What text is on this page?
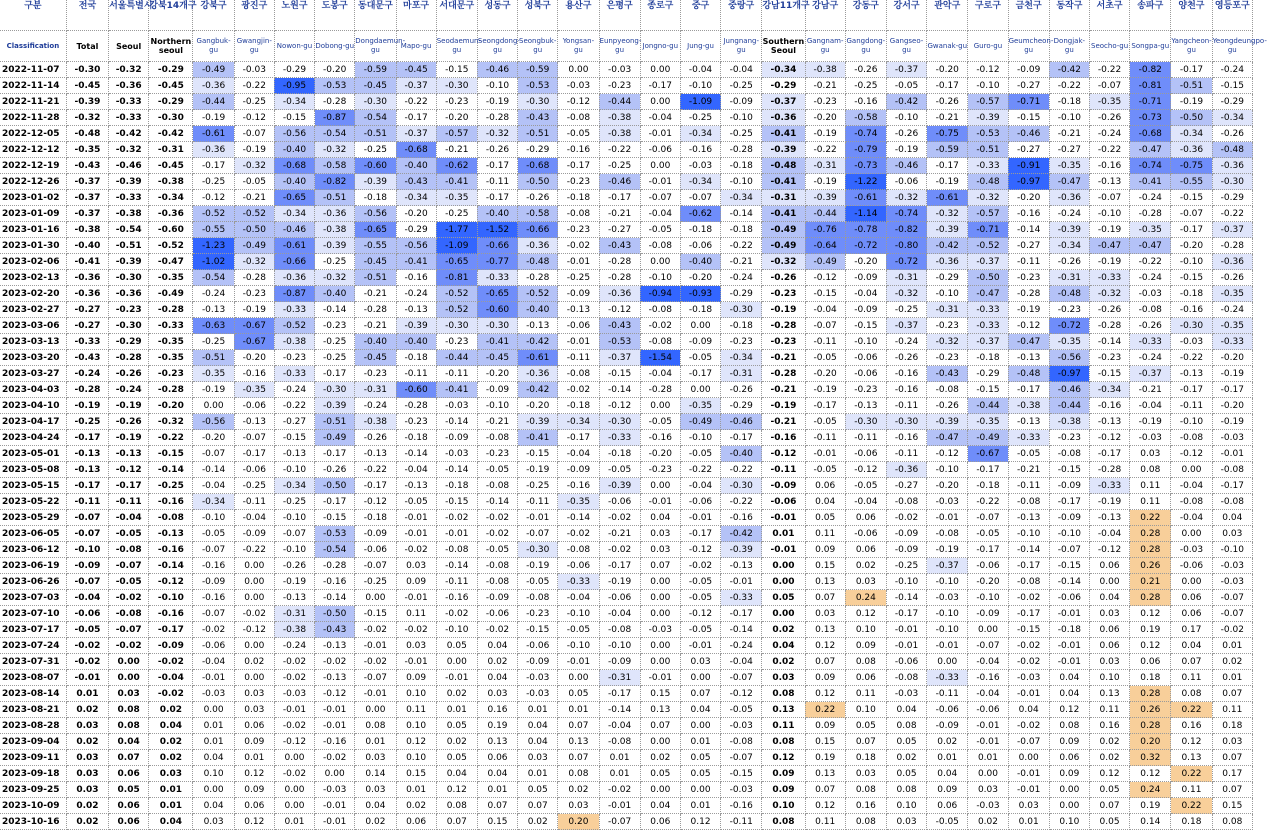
구분	전국	서울특별시	강북14개구	강북구	광진구	노원구	도봉구	동대문구	마포구	서대문구	성동구	성북구	용산구	은평구	종로구	중구	중랑구	강남11개구	강남구	강동구	강서구	관악구	구로구	금천구	동작구	서초구	송파구	양천구	영등포구
Classification	Total	Seoul	Northern seoul	Gangbuk-gu	Gwangjin-gu	Nowon-gu	Dobong-gu	Dongdaemun-gu	Mapo-gu	Seodaemun-gu	Seongdong-gu	Seongbuk-gu	Yongsan-gu	Eunpyeong-gu	Jongno-gu	Jung-gu	Jungnang-gu	Southern Seoul	Gangnam-gu	Gangdong-gu	Gangseo-gu	Gwanak-gu	Guro-gu	Geumcheon-gu	Dongjak-gu	Seocho-gu	Songpa-gu	Yangcheon-gu	Yeongdeungpo-gu
2022-11-07	-0.30	-0.32	-0.29	-0.49	-0.03	-0.29	-0.20	-0.59	-0.45	-0.15	-0.46	-0.59	0.00	-0.03	0.00	-0.04	-0.04	-0.34	-0.38	-0.26	-0.37	-0.20	-0.12	-0.09	-0.42	-0.22	-0.82	-0.17	-0.24
2022-11-14	-0.45	-0.36	-0.45	-0.36	-0.22	-0.95	-0.53	-0.45	-0.37	-0.30	-0.10	-0.53	-0.03	-0.23	-0.17	-0.10	-0.25	-0.29	-0.21	-0.25	-0.05	-0.17	-0.10	-0.27	-0.22	-0.07	-0.81	-0.51	-0.15
2022-11-21	-0.39	-0.33	-0.29	-0.44	-0.25	-0.34	-0.28	-0.30	-0.22	-0.23	-0.19	-0.30	-0.12	-0.44	0.00	-1.09	-0.09	-0.37	-0.23	-0.16	-0.42	-0.26	-0.57	-0.71	-0.18	-0.35	-0.71	-0.19	-0.29
2022-11-28	-0.32	-0.33	-0.30	-0.19	-0.12	-0.15	-0.87	-0.54	-0.17	-0.20	-0.28	-0.43	-0.08	-0.38	-0.04	-0.25	-0.10	-0.36	-0.20	-0.58	-0.10	-0.21	-0.39	-0.15	-0.10	-0.26	-0.73	-0.50	-0.34
2022-12-05	-0.48	-0.42	-0.42	-0.61	-0.07	-0.56	-0.54	-0.51	-0.37	-0.57	-0.32	-0.51	-0.05	-0.38	-0.01	-0.34	-0.25	-0.41	-0.19	-0.74	-0.26	-0.75	-0.53	-0.46	-0.21	-0.24	-0.68	-0.34	-0.26
2022-12-12	-0.35	-0.32	-0.31	-0.36	-0.19	-0.40	-0.32	-0.25	-0.68	-0.21	-0.26	-0.29	-0.16	-0.22	-0.06	-0.16	-0.28	-0.39	-0.22	-0.79	-0.19	-0.59	-0.51	-0.27	-0.27	-0.22	-0.47	-0.36	-0.48
2022-12-19	-0.43	-0.46	-0.45	-0.17	-0.32	-0.68	-0.58	-0.60	-0.40	-0.62	-0.17	-0.68	-0.17	-0.25	0.00	-0.03	-0.18	-0.48	-0.31	-0.73	-0.46	-0.17	-0.33	-0.91	-0.35	-0.16	-0.74	-0.75	-0.36
2022-12-26	-0.37	-0.39	-0.38	-0.25	-0.05	-0.40	-0.82	-0.39	-0.43	-0.41	-0.11	-0.50	-0.23	-0.46	-0.01	-0.34	-0.10	-0.41	-0.19	-1.22	-0.06	-0.19	-0.48	-0.97	-0.47	-0.13	-0.41	-0.55	-0.30
2023-01-02	-0.37	-0.33	-0.34	-0.12	-0.21	-0.65	-0.51	-0.18	-0.34	-0.35	-0.17	-0.26	-0.18	-0.17	-0.07	-0.07	-0.34	-0.31	-0.39	-0.61	-0.32	-0.61	-0.32	-0.20	-0.36	-0.07	-0.24	-0.15	-0.29
2023-01-09	-0.37	-0.38	-0.36	-0.52	-0.52	-0.34	-0.36	-0.56	-0.20	-0.25	-0.40	-0.58	-0.08	-0.21	-0.04	-0.62	-0.14	-0.41	-0.44	-1.14	-0.74	-0.32	-0.57	-0.16	-0.24	-0.10	-0.28	-0.07	-0.22
2023-01-16	-0.38	-0.54	-0.60	-0.55	-0.50	-0.46	-0.38	-0.65	-0.29	-1.77	-1.52	-0.66	-0.23	-0.27	-0.05	-0.18	-0.18	-0.49	-0.76	-0.78	-0.82	-0.39	-0.71	-0.14	-0.39	-0.19	-0.35	-0.17	-0.37
2023-01-30	-0.40	-0.51	-0.52	-1.23	-0.49	-0.61	-0.39	-0.55	-0.56	-1.09	-0.66	-0.36	-0.02	-0.43	-0.08	-0.06	-0.22	-0.49	-0.64	-0.72	-0.80	-0.42	-0.52	-0.27	-0.34	-0.47	-0.47	-0.20	-0.28
2023-02-06	-0.41	-0.39	-0.47	-1.02	-0.32	-0.66	-0.25	-0.45	-0.41	-0.65	-0.77	-0.48	-0.01	-0.28	0.00	-0.40	-0.21	-0.32	-0.49	-0.20	-0.72	-0.36	-0.37	-0.11	-0.26	-0.19	-0.22	-0.10	-0.36
2023-02-13	-0.36	-0.30	-0.35	-0.54	-0.28	-0.36	-0.32	-0.51	-0.16	-0.81	-0.33	-0.28	-0.25	-0.28	-0.10	-0.20	-0.24	-0.26	-0.12	-0.09	-0.31	-0.29	-0.50	-0.23	-0.31	-0.33	-0.24	-0.15	-0.26
2023-02-20	-0.36	-0.36	-0.49	-0.24	-0.23	-0.87	-0.40	-0.21	-0.24	-0.52	-0.65	-0.52	-0.09	-0.36	-0.94	-0.93	-0.29	-0.23	-0.15	-0.04	-0.32	-0.10	-0.47	-0.28	-0.48	-0.32	-0.03	-0.18	-0.35
2023-02-27	-0.27	-0.23	-0.28	-0.13	-0.19	-0.33	-0.14	-0.28	-0.13	-0.52	-0.60	-0.40	-0.13	-0.12	-0.08	-0.18	-0.30	-0.19	-0.04	-0.09	-0.25	-0.31	-0.33	-0.19	-0.23	-0.26	-0.08	-0.16	-0.24
2023-03-06	-0.27	-0.30	-0.33	-0.63	-0.67	-0.52	-0.23	-0.21	-0.39	-0.30	-0.30	-0.13	-0.06	-0.43	-0.02	0.00	-0.18	-0.28	-0.07	-0.15	-0.37	-0.23	-0.33	-0.12	-0.72	-0.28	-0.26	-0.30	-0.35
2023-03-13	-0.33	-0.29	-0.35	-0.25	-0.67	-0.38	-0.25	-0.40	-0.40	-0.23	-0.41	-0.42	-0.01	-0.53	-0.08	-0.09	-0.23	-0.23	-0.11	-0.10	-0.24	-0.32	-0.37	-0.47	-0.35	-0.14	-0.33	-0.03	-0.33
2023-03-20	-0.43	-0.28	-0.35	-0.51	-0.20	-0.23	-0.25	-0.45	-0.18	-0.44	-0.45	-0.61	-0.11	-0.37	-1.54	-0.05	-0.34	-0.21	-0.05	-0.06	-0.26	-0.23	-0.18	-0.13	-0.56	-0.23	-0.24	-0.22	-0.20
2023-03-27	-0.24	-0.26	-0.23	-0.35	-0.16	-0.33	-0.17	-0.23	-0.11	-0.11	-0.20	-0.36	-0.08	-0.15	-0.04	-0.17	-0.31	-0.28	-0.20	-0.06	-0.16	-0.43	-0.29	-0.48	-0.97	-0.15	-0.37	-0.13	-0.19
2023-04-03	-0.28	-0.24	-0.28	-0.19	-0.35	-0.24	-0.30	-0.31	-0.60	-0.41	-0.09	-0.42	-0.02	-0.14	-0.28	0.00	-0.26	-0.21	-0.19	-0.23	-0.16	-0.08	-0.15	-0.17	-0.46	-0.34	-0.21	-0.17	-0.17
2023-04-10	-0.19	-0.19	-0.20	0.00	-0.06	-0.22	-0.39	-0.24	-0.28	-0.03	-0.10	-0.20	-0.18	-0.12	0.00	-0.35	-0.29	-0.19	-0.17	-0.13	-0.11	-0.26	-0.44	-0.38	-0.44	-0.16	-0.04	-0.11	-0.20
2023-04-17	-0.25	-0.26	-0.32	-0.56	-0.13	-0.27	-0.51	-0.38	-0.23	-0.14	-0.21	-0.39	-0.34	-0.30	-0.05	-0.49	-0.46	-0.21	-0.05	-0.30	-0.30	-0.39	-0.35	-0.13	-0.38	-0.13	-0.19	-0.10	-0.19
2023-04-24	-0.17	-0.19	-0.22	-0.20	-0.07	-0.15	-0.49	-0.26	-0.18	-0.09	-0.08	-0.41	-0.17	-0.33	-0.16	-0.10	-0.17	-0.16	-0.11	-0.11	-0.16	-0.47	-0.49	-0.33	-0.23	-0.12	-0.03	-0.08	-0.03
2023-05-01	-0.13	-0.13	-0.15	-0.07	-0.17	-0.13	-0.17	-0.13	-0.14	-0.03	-0.23	-0.15	-0.04	-0.18	-0.20	-0.05	-0.40	-0.12	-0.01	-0.06	-0.11	-0.12	-0.67	-0.05	-0.08	-0.17	0.03	-0.12	-0.01
2023-05-08	-0.13	-0.12	-0.14	-0.14	-0.06	-0.10	-0.26	-0.22	-0.04	-0.14	-0.05	-0.19	-0.09	-0.05	-0.23	-0.22	-0.22	-0.11	-0.05	-0.12	-0.36	-0.10	-0.17	-0.21	-0.15	-0.28	0.08	0.00	-0.08
2023-05-15	-0.17	-0.17	-0.25	-0.04	-0.25	-0.34	-0.50	-0.17	-0.13	-0.18	-0.08	-0.25	-0.16	-0.39	0.00	-0.04	-0.30	-0.09	0.06	-0.05	-0.27	-0.20	-0.18	-0.11	-0.09	-0.33	0.11	-0.04	-0.17
2023-05-22	-0.11	-0.11	-0.16	-0.34	-0.11	-0.25	-0.17	-0.12	-0.05	-0.15	-0.14	-0.11	-0.35	-0.06	-0.01	-0.06	-0.22	-0.06	0.04	-0.04	-0.08	-0.03	-0.22	-0.08	-0.17	-0.19	0.11	-0.08	-0.08
2023-05-29	-0.07	-0.04	-0.08	-0.10	-0.04	-0.10	-0.15	-0.18	-0.01	-0.02	-0.02	-0.01	-0.14	-0.02	0.04	-0.01	-0.16	-0.01	0.05	0.06	-0.02	-0.01	-0.07	-0.13	-0.09	-0.13	0.22	-0.04	0.04
2023-06-05	-0.07	-0.05	-0.13	-0.05	-0.09	-0.07	-0.53	-0.09	-0.01	-0.01	-0.02	-0.07	-0.02	-0.21	0.03	-0.17	-0.42	0.01	0.11	-0.06	-0.09	-0.08	-0.05	-0.10	-0.10	-0.04	0.28	0.00	0.03
2023-06-12	-0.10	-0.08	-0.16	-0.07	-0.22	-0.10	-0.54	-0.06	-0.02	-0.08	-0.05	-0.30	-0.08	-0.02	0.03	-0.12	-0.39	-0.01	0.09	0.06	-0.09	-0.19	-0.17	-0.14	-0.07	-0.12	0.28	-0.03	-0.10
2023-06-19	-0.09	-0.07	-0.14	-0.16	0.00	-0.26	-0.28	-0.07	0.03	-0.14	-0.08	-0.19	-0.06	-0.17	0.07	-0.02	-0.13	0.00	0.15	0.02	-0.25	-0.37	-0.06	-0.17	-0.15	0.06	0.26	-0.06	-0.03
2023-06-26	-0.07	-0.05	-0.12	-0.09	0.00	-0.19	-0.16	-0.25	0.09	-0.11	-0.08	-0.05	-0.33	-0.19	0.00	-0.05	-0.01	0.00	0.13	0.03	-0.10	-0.10	-0.20	-0.08	-0.14	0.00	0.21	0.00	-0.03
2023-07-03	-0.04	-0.02	-0.10	-0.16	0.00	-0.13	-0.14	0.00	-0.01	-0.16	-0.09	-0.08	-0.04	-0.06	0.00	-0.05	-0.33	0.05	0.07	0.24	-0.14	-0.03	-0.10	-0.02	-0.06	0.04	0.28	0.06	-0.07
2023-07-10	-0.06	-0.08	-0.16	-0.07	-0.02	-0.31	-0.50	-0.15	0.11	-0.02	-0.06	-0.23	-0.10	-0.04	0.00	-0.12	-0.17	0.00	0.03	0.12	-0.17	-0.10	-0.09	-0.17	-0.01	0.03	0.12	0.06	-0.07
2023-07-17	-0.05	-0.07	-0.17	-0.02	-0.12	-0.38	-0.43	-0.02	-0.02	-0.10	-0.02	-0.15	-0.05	-0.08	-0.03	-0.05	-0.14	0.02	0.13	0.10	-0.01	-0.10	0.00	-0.15	-0.18	0.06	0.19	0.17	-0.02
2023-07-24	-0.02	-0.02	-0.09	-0.06	0.00	-0.24	-0.13	-0.01	0.03	0.05	0.04	-0.06	-0.10	-0.10	0.00	-0.01	-0.24	0.04	0.12	0.09	-0.01	-0.01	-0.07	-0.02	-0.01	0.06	0.12	0.04	0.01
2023-07-31	-0.02	0.00	-0.02	-0.04	0.02	-0.02	-0.02	-0.02	-0.01	0.00	0.02	-0.09	-0.01	-0.09	0.00	0.03	-0.04	0.02	0.07	0.08	-0.06	0.00	-0.04	-0.02	-0.01	0.03	0.06	0.07	0.02
2023-08-07	-0.01	0.00	-0.04	-0.01	0.00	-0.02	-0.13	-0.07	0.09	-0.01	0.04	-0.03	0.00	-0.31	-0.01	0.00	-0.07	0.03	0.09	0.06	-0.08	-0.33	-0.16	-0.03	0.04	0.10	0.18	0.11	0.01
2023-08-14	0.01	0.03	-0.02	-0.03	0.03	-0.03	-0.12	-0.01	0.10	0.02	0.03	-0.03	0.05	-0.17	0.15	0.07	-0.12	0.08	0.12	0.11	-0.03	-0.11	-0.04	-0.01	0.04	0.13	0.28	0.08	0.07
2023-08-21	0.02	0.08	0.02	0.00	0.03	-0.01	-0.01	0.00	0.11	0.01	0.16	0.01	0.01	-0.14	0.13	0.04	-0.05	0.13	0.22	0.10	0.04	-0.06	-0.06	0.04	0.12	0.11	0.26	0.22	0.11
2023-08-28	0.03	0.08	0.04	0.01	0.06	-0.02	-0.01	0.08	0.10	0.05	0.19	0.04	0.07	-0.04	0.07	0.00	-0.03	0.11	0.09	0.05	0.08	-0.09	-0.01	-0.02	0.08	0.16	0.28	0.16	0.18
2023-09-04	0.02	0.04	0.02	0.01	0.09	-0.12	-0.16	0.01	0.12	0.02	0.13	0.04	0.13	-0.08	0.00	0.01	-0.08	0.08	0.15	0.07	0.05	0.02	-0.01	-0.07	0.09	0.02	0.20	0.12	0.03
2023-09-11	0.03	0.07	0.02	0.04	0.01	0.00	-0.02	0.03	0.10	0.05	0.06	0.03	0.07	0.01	0.02	0.05	-0.07	0.12	0.19	0.18	0.02	0.01	0.01	0.00	0.06	0.02	0.32	0.13	0.07
2023-09-18	0.03	0.06	0.03	0.10	0.12	-0.02	0.00	0.14	0.15	0.04	0.04	0.01	0.08	0.01	0.05	0.05	-0.15	0.09	0.13	0.03	0.05	0.04	0.00	-0.01	0.09	0.12	0.12	0.22	0.17
2023-09-25	0.03	0.05	0.01	0.00	0.09	0.00	-0.03	0.03	0.01	0.12	0.01	0.05	0.02	-0.02	0.00	0.00	-0.03	0.09	0.07	0.08	0.08	0.09	0.03	-0.01	0.00	0.05	0.24	0.11	0.07
2023-10-09	0.02	0.06	0.01	0.04	0.06	0.00	-0.01	0.04	0.02	0.08	0.07	0.07	0.03	-0.01	0.04	0.01	-0.16	0.10	0.12	0.16	0.10	0.06	-0.03	0.03	0.00	0.07	0.19	0.22	0.15
2023-10-16	0.02	0.06	0.04	0.03	0.12	0.01	-0.01	0.02	0.06	0.07	0.15	0.02	0.20	-0.07	0.06	0.12	-0.11	0.08	0.11	0.08	0.03	-0.05	0.02	0.01	0.10	0.05	0.14	0.18	0.08
